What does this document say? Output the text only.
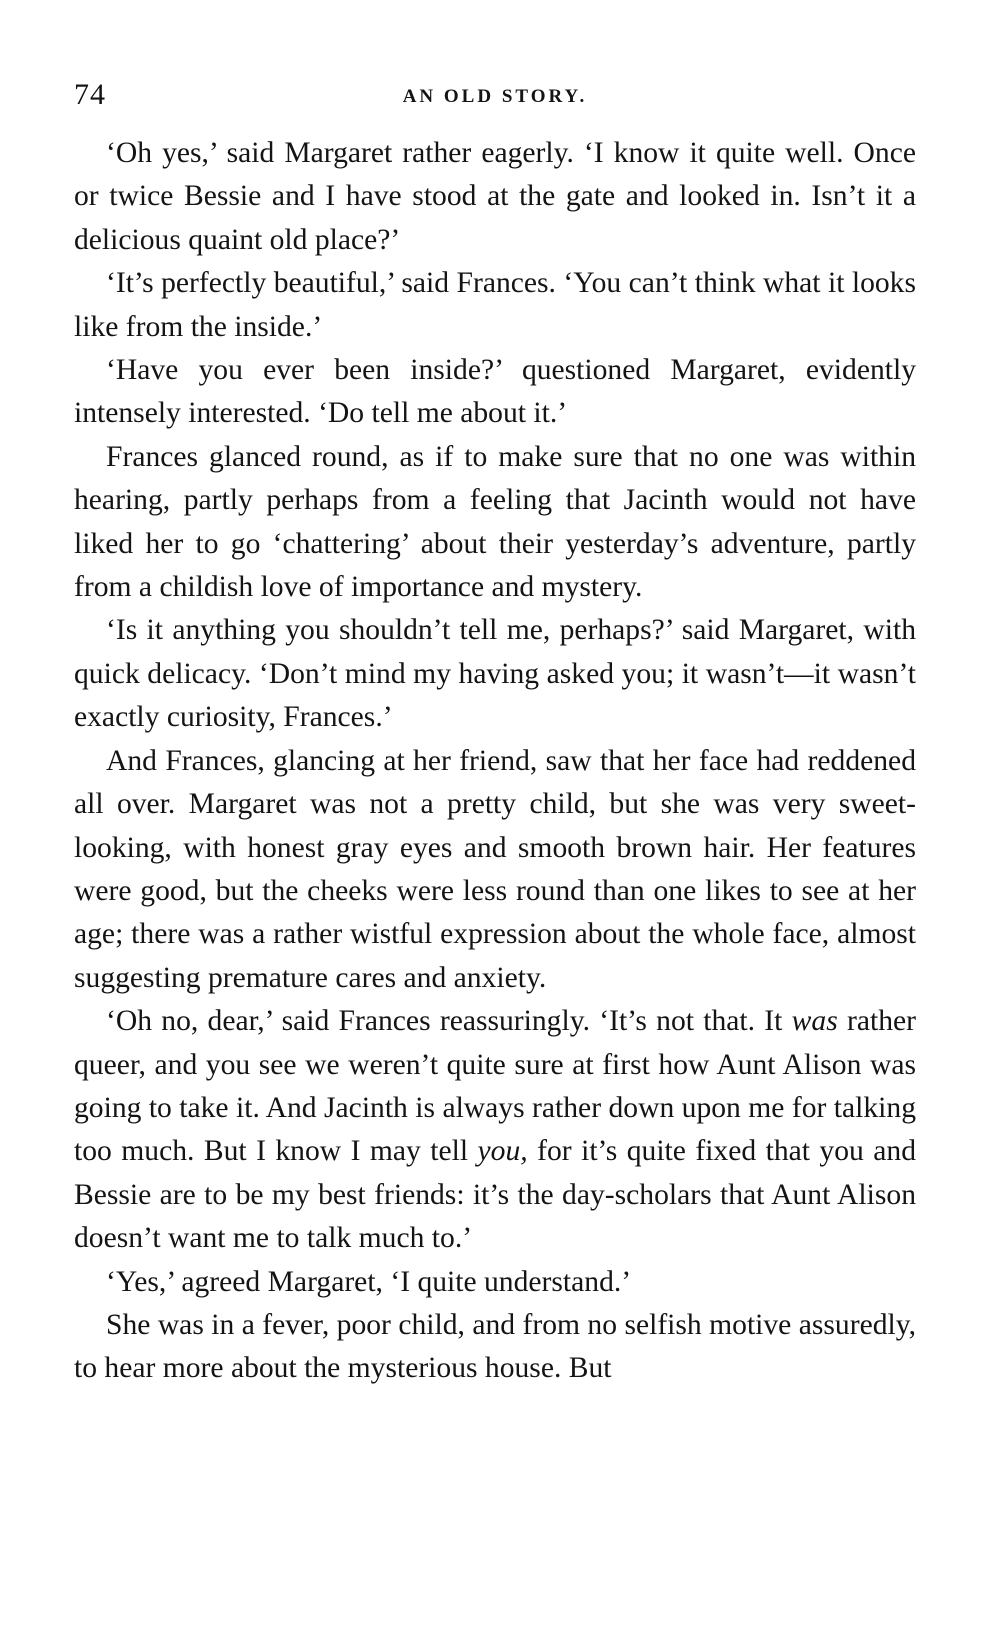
74	AN OLD STORY.

‘Oh yes,’ said Margaret rather eagerly. ‘I know it quite well. Once or twice Bessie and I have stood at the gate and looked in. Isn’t it a delicious quaint old place?’

‘It’s perfectly beautiful,’ said Frances. ‘You can’t think what it looks like from the inside.’

‘Have you ever been inside?’ questioned Margaret, evidently intensely interested. ‘Do tell me about it.’

Frances glanced round, as if to make sure that no one was within hearing, partly perhaps from a feeling that Jacinth would not have liked her to go ‘chattering’ about their yesterday’s adventure, partly from a childish love of importance and mystery.

‘Is it anything you shouldn’t tell me, perhaps?’ said Margaret, with quick delicacy. ‘Don’t mind my having asked you; it wasn’t—it wasn’t exactly curiosity, Frances.’

And Frances, glancing at her friend, saw that her face had reddened all over. Margaret was not a pretty child, but she was very sweet-looking, with honest gray eyes and smooth brown hair. Her features were good, but the cheeks were less round than one likes to see at her age; there was a rather wistful expression about the whole face, almost suggesting premature cares and anxiety.

‘Oh no, dear,’ said Frances reassuringly. ‘It’s not that. It was rather queer, and you see we weren’t quite sure at first how Aunt Alison was going to take it. And Jacinth is always rather down upon me for talking too much. But I know I may tell you, for it’s quite fixed that you and Bessie are to be my best friends: it’s the day-scholars that Aunt Alison doesn’t want me to talk much to.’

‘Yes,’ agreed Margaret, ‘I quite understand.’

She was in a fever, poor child, and from no selfish motive assuredly, to hear more about the mysterious house. But
